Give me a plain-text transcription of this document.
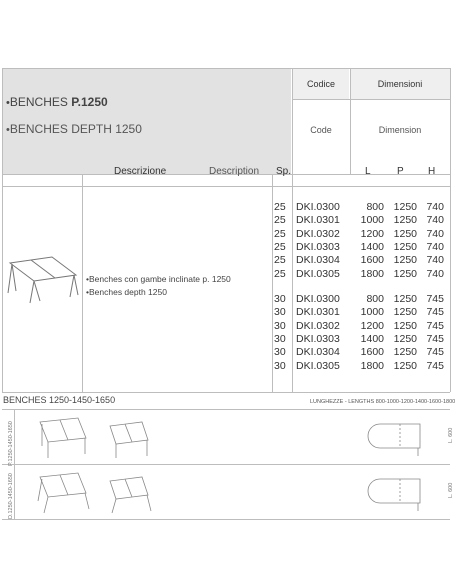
•BENCHES P.1250
•BENCHES DEPTH 1250
Codice
Code
Dimensioni
Dimension
Descrizione	Description Sp.	L	P H
•Benches con gambe inclinate p. 1250
•Benches depth 1250
25 DKI.0300	800 1250 740
25 DKI.0301	1000 1250 740
25 DKI.0302	1200 1250 740
25 DKI.0303	1400 1250 740
25 DKI.0304	1600 1250 740
25 DKI.0305	1800 1250 740
30 DKI.0300	800 1250 745
30 DKI.0301	1000 1250 745
30 DKI.0302	1200 1250 745
30 DKI.0303	1400 1250 745
30 DKI.0304	1600 1250 745
30 DKI.0305	1800 1250 745
BENCHES 1250-1450-1650	LUNGHEZZE - LENGTHS 800-1000-1200-1400-1600-1800
P.1250-1450-1650
D.1250-1450-1650
L. 600
L. 600
